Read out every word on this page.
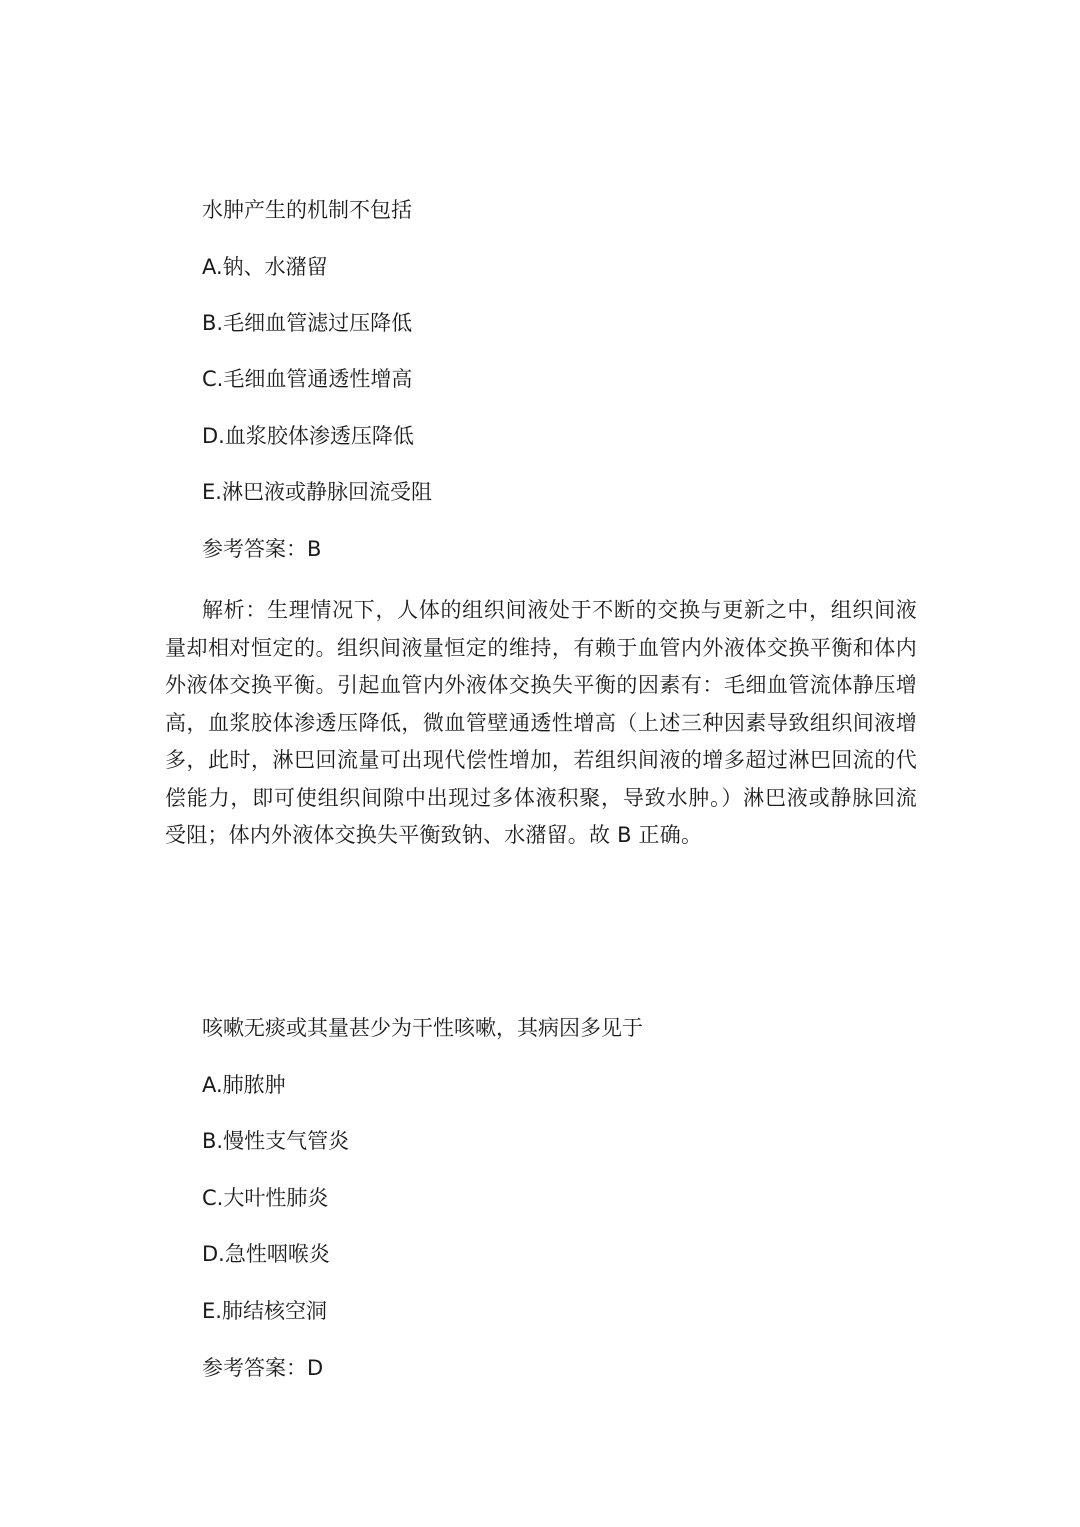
水肿产生的机制不包括
A.钠、水潴留
B.毛细血管滤过压降低
C.毛细血管通透性增高
D.血浆胶体渗透压降低
E.淋巴液或静脉回流受阻
参考答案：B

解析：生理情况下，人体的组织间液处于不断的交换与更新之中，组织间液量却相对恒定的。组织间液量恒定的维持，有赖于血管内外液体交换平衡和体内外液体交换平衡。引起血管内外液体交换失平衡的因素有：毛细血管流体静压增高，血浆胶体渗透压降低，微血管壁通透性增高（上述三种因素导致组织间液增多，此时，淋巴回流量可出现代偿性增加，若组织间液的增多超过淋巴回流的代偿能力，即可使组织间隙中出现过多体液积聚，导致水肿。）淋巴液或静脉回流受阻；体内外液体交换失平衡致钠、水潴留。故 B 正确。

咳嗽无痰或其量甚少为干性咳嗽，其病因多见于
A.肺脓肿
B.慢性支气管炎
C.大叶性肺炎
D.急性咽喉炎
E.肺结核空洞
参考答案：D
